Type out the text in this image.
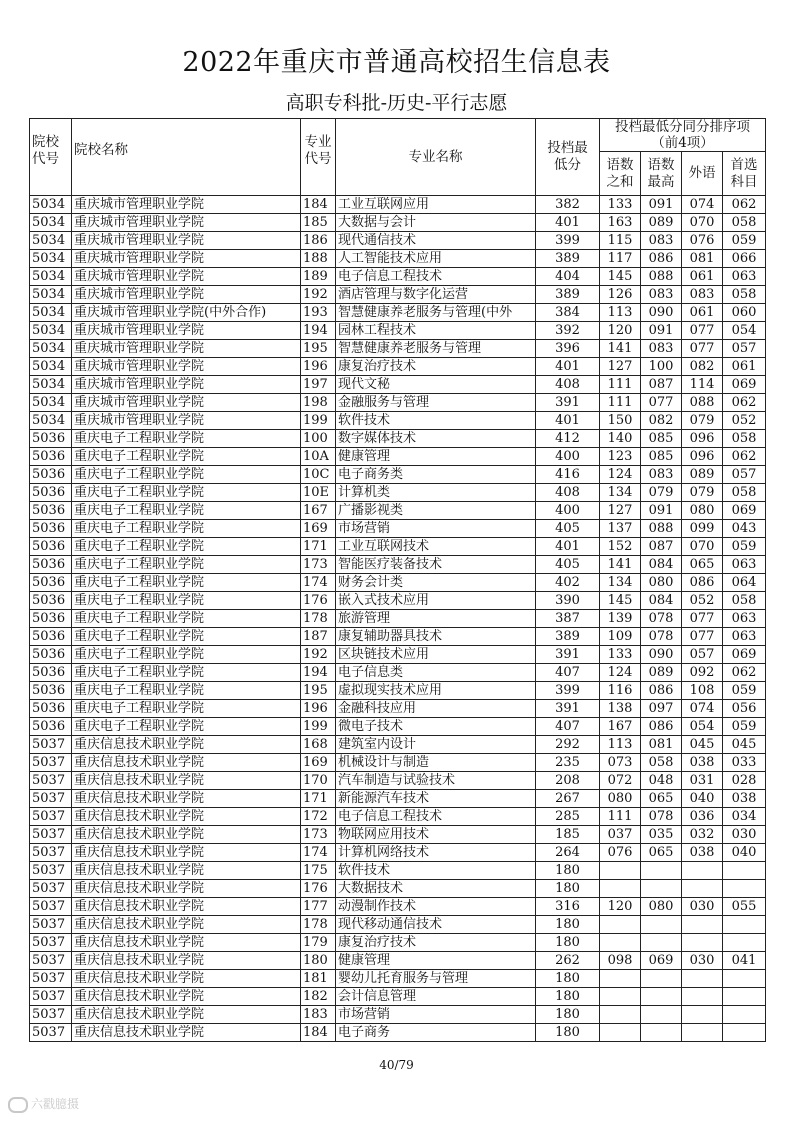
2022年重庆市普通高校招生信息表
高职专科批-历史-平行志愿
院校代号	院校名称	专业代号	专业名称	投档最低分	投档最低分同分排序项（前4项）			
					语数之和	语数最高	外语	首选科目
5034	重庆城市管理职业学院	184	工业互联网应用	382	133	091	074	062
5034	重庆城市管理职业学院	185	大数据与会计	401	163	089	070	058
5034	重庆城市管理职业学院	186	现代通信技术	399	115	083	076	059
5034	重庆城市管理职业学院	188	人工智能技术应用	389	117	086	081	066
5034	重庆城市管理职业学院	189	电子信息工程技术	404	145	088	061	063
5034	重庆城市管理职业学院	192	酒店管理与数字化运营	389	126	083	083	058
5034	重庆城市管理职业学院(中外合作)	193	智慧健康养老服务与管理(中外	384	113	090	061	060
5034	重庆城市管理职业学院	194	园林工程技术	392	120	091	077	054
5034	重庆城市管理职业学院	195	智慧健康养老服务与管理	396	141	083	077	057
5034	重庆城市管理职业学院	196	康复治疗技术	401	127	100	082	061
5034	重庆城市管理职业学院	197	现代文秘	408	111	087	114	069
5034	重庆城市管理职业学院	198	金融服务与管理	391	111	077	088	062
5034	重庆城市管理职业学院	199	软件技术	401	150	082	079	052
5036	重庆电子工程职业学院	100	数字媒体技术	412	140	085	096	058
5036	重庆电子工程职业学院	10A	健康管理	400	123	085	096	062
5036	重庆电子工程职业学院	10C	电子商务类	416	124	083	089	057
5036	重庆电子工程职业学院	10E	计算机类	408	134	079	079	058
5036	重庆电子工程职业学院	167	广播影视类	400	127	091	080	069
5036	重庆电子工程职业学院	169	市场营销	405	137	088	099	043
5036	重庆电子工程职业学院	171	工业互联网技术	401	152	087	070	059
5036	重庆电子工程职业学院	173	智能医疗装备技术	405	141	084	065	063
5036	重庆电子工程职业学院	174	财务会计类	402	134	080	086	064
5036	重庆电子工程职业学院	176	嵌入式技术应用	390	145	084	052	058
5036	重庆电子工程职业学院	178	旅游管理	387	139	078	077	063
5036	重庆电子工程职业学院	187	康复辅助器具技术	389	109	078	077	063
5036	重庆电子工程职业学院	192	区块链技术应用	391	133	090	057	069
5036	重庆电子工程职业学院	194	电子信息类	407	124	089	092	062
5036	重庆电子工程职业学院	195	虚拟现实技术应用	399	116	086	108	059
5036	重庆电子工程职业学院	196	金融科技应用	391	138	097	074	056
5036	重庆电子工程职业学院	199	微电子技术	407	167	086	054	059
5037	重庆信息技术职业学院	168	建筑室内设计	292	113	081	045	045
5037	重庆信息技术职业学院	169	机械设计与制造	235	073	058	038	033
5037	重庆信息技术职业学院	170	汽车制造与试验技术	208	072	048	031	028
5037	重庆信息技术职业学院	171	新能源汽车技术	267	080	065	040	038
5037	重庆信息技术职业学院	172	电子信息工程技术	285	111	078	036	034
5037	重庆信息技术职业学院	173	物联网应用技术	185	037	035	032	030
5037	重庆信息技术职业学院	174	计算机网络技术	264	076	065	038	040
5037	重庆信息技术职业学院	175	软件技术	180				
5037	重庆信息技术职业学院	176	大数据技术	180				
5037	重庆信息技术职业学院	177	动漫制作技术	316	120	080	030	055
5037	重庆信息技术职业学院	178	现代移动通信技术	180				
5037	重庆信息技术职业学院	179	康复治疗技术	180				
5037	重庆信息技术职业学院	180	健康管理	262	098	069	030	041
5037	重庆信息技术职业学院	181	婴幼儿托育服务与管理	180				
5037	重庆信息技术职业学院	182	会计信息管理	180				
5037	重庆信息技术职业学院	183	市场营销	180				
5037	重庆信息技术职业学院	184	电子商务	180				
40/79
六戳臆摄
